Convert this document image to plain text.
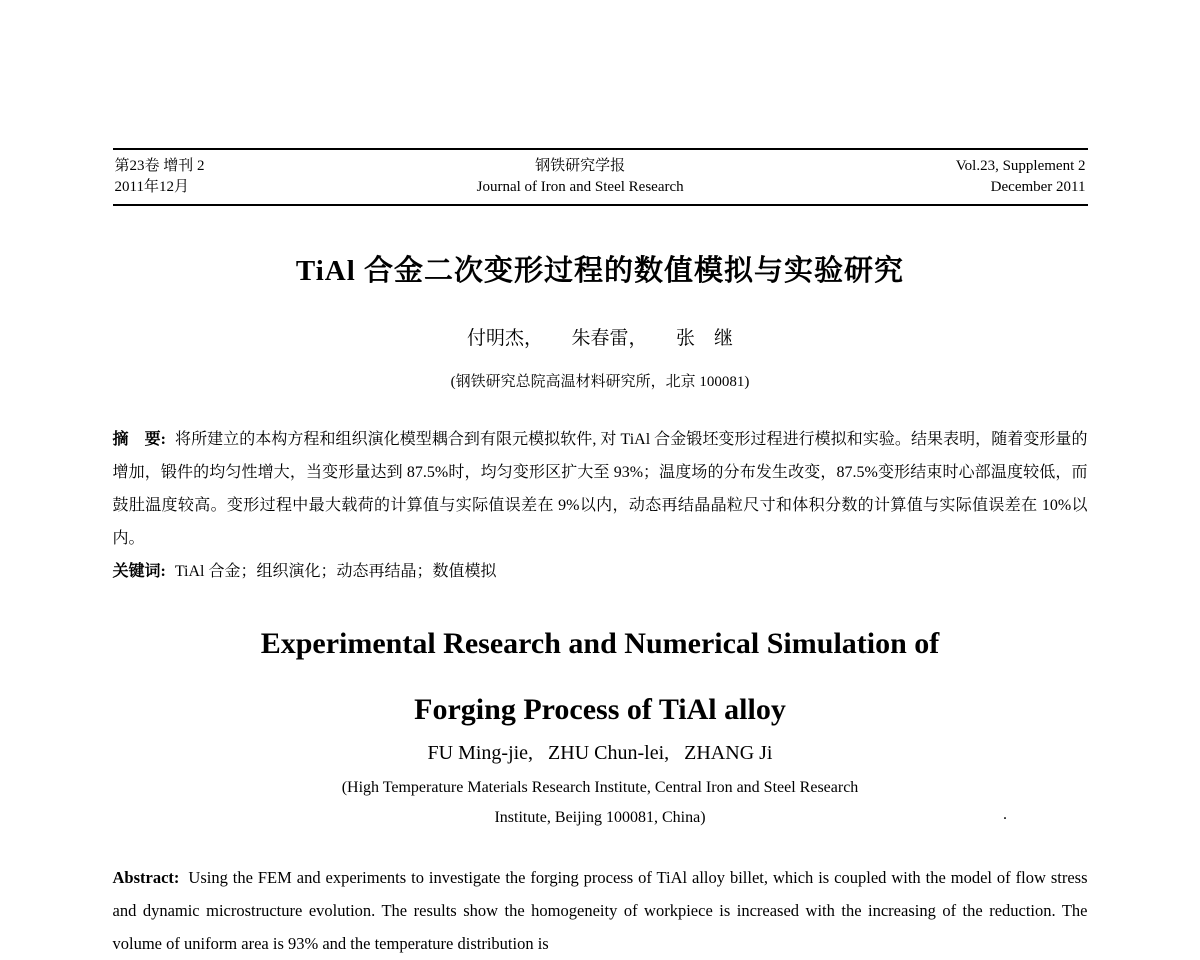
第23卷 增刊 2
2011年12月
钢铁研究学报
Journal of Iron and Steel Research
Vol.23, Supplement 2
December 2011
TiAl 合金二次变形过程的数值模拟与实验研究
付明杰，　　朱春雷，　　张　继
(钢铁研究总院高温材料研究所，北京 100081)

摘　要: 将所建立的本构方程和组织演化模型耦合到有限元模拟软件, 对 TiAl 合金锻坯变形过程进行模拟和实验。结果表明，随着变形量的增加，锻件的均匀性增大，当变形量达到 87.5%时，均匀变形区扩大至 93%；温度场的分布发生改变，87.5%变形结束时心部温度较低，而鼓肚温度较高。变形过程中最大载荷的计算值与实际值误差在 9%以内，动态再结晶晶粒尺寸和体积分数的计算值与实际值误差在 10%以内。

关键词: TiAl 合金；组织演化；动态再结晶；数值模拟

Experimental Research and Numerical Simulation of
Forging Process of TiAl alloy
FU Ming-jie,   ZHU Chun-lei,   ZHANG Ji
(High Temperature Materials Research Institute, Central Iron and Steel Research
Institute, Beijing 100081, China)

Abstract: Using the FEM and experiments to investigate the forging process of TiAl alloy billet, which is coupled with the model of flow stress and dynamic microstructure evolution. The results show the homogeneity of workpiece is increased with the increasing of the reduction. The volume of uniform area is 93% and the temperature distribution is

.
